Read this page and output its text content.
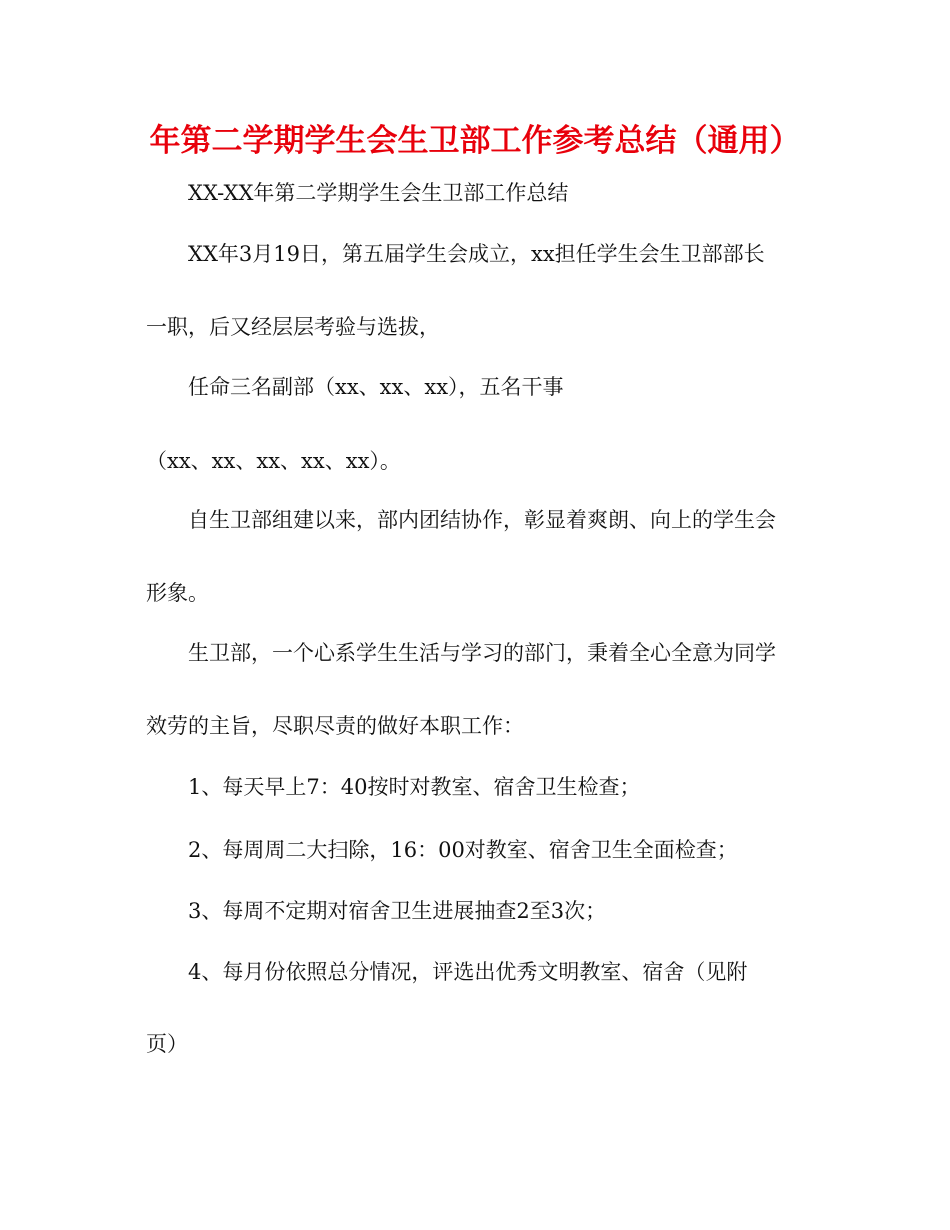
年第二学期学生会生卫部工作参考总结（通用）
XX-XX年第二学期学生会生卫部工作总结
XX年3月19日，第五届学生会成立，xx担任学生会生卫部部长
一职，后又经层层考验与选拔，
任命三名副部（xx、xx、xx），五名干事
（xx、xx、xx、xx、xx）。
自生卫部组建以来，部内团结协作，彰显着爽朗、向上的学生会
形象。
生卫部，一个心系学生生活与学习的部门，秉着全心全意为同学
效劳的主旨，尽职尽责的做好本职工作：
1、每天早上7：40按时对教室、宿舍卫生检查；
2、每周周二大扫除，16：00对教室、宿舍卫生全面检查；
3、每周不定期对宿舍卫生进展抽查2至3次；
4、每月份依照总分情况，评选出优秀文明教室、宿舍（见附
页）
